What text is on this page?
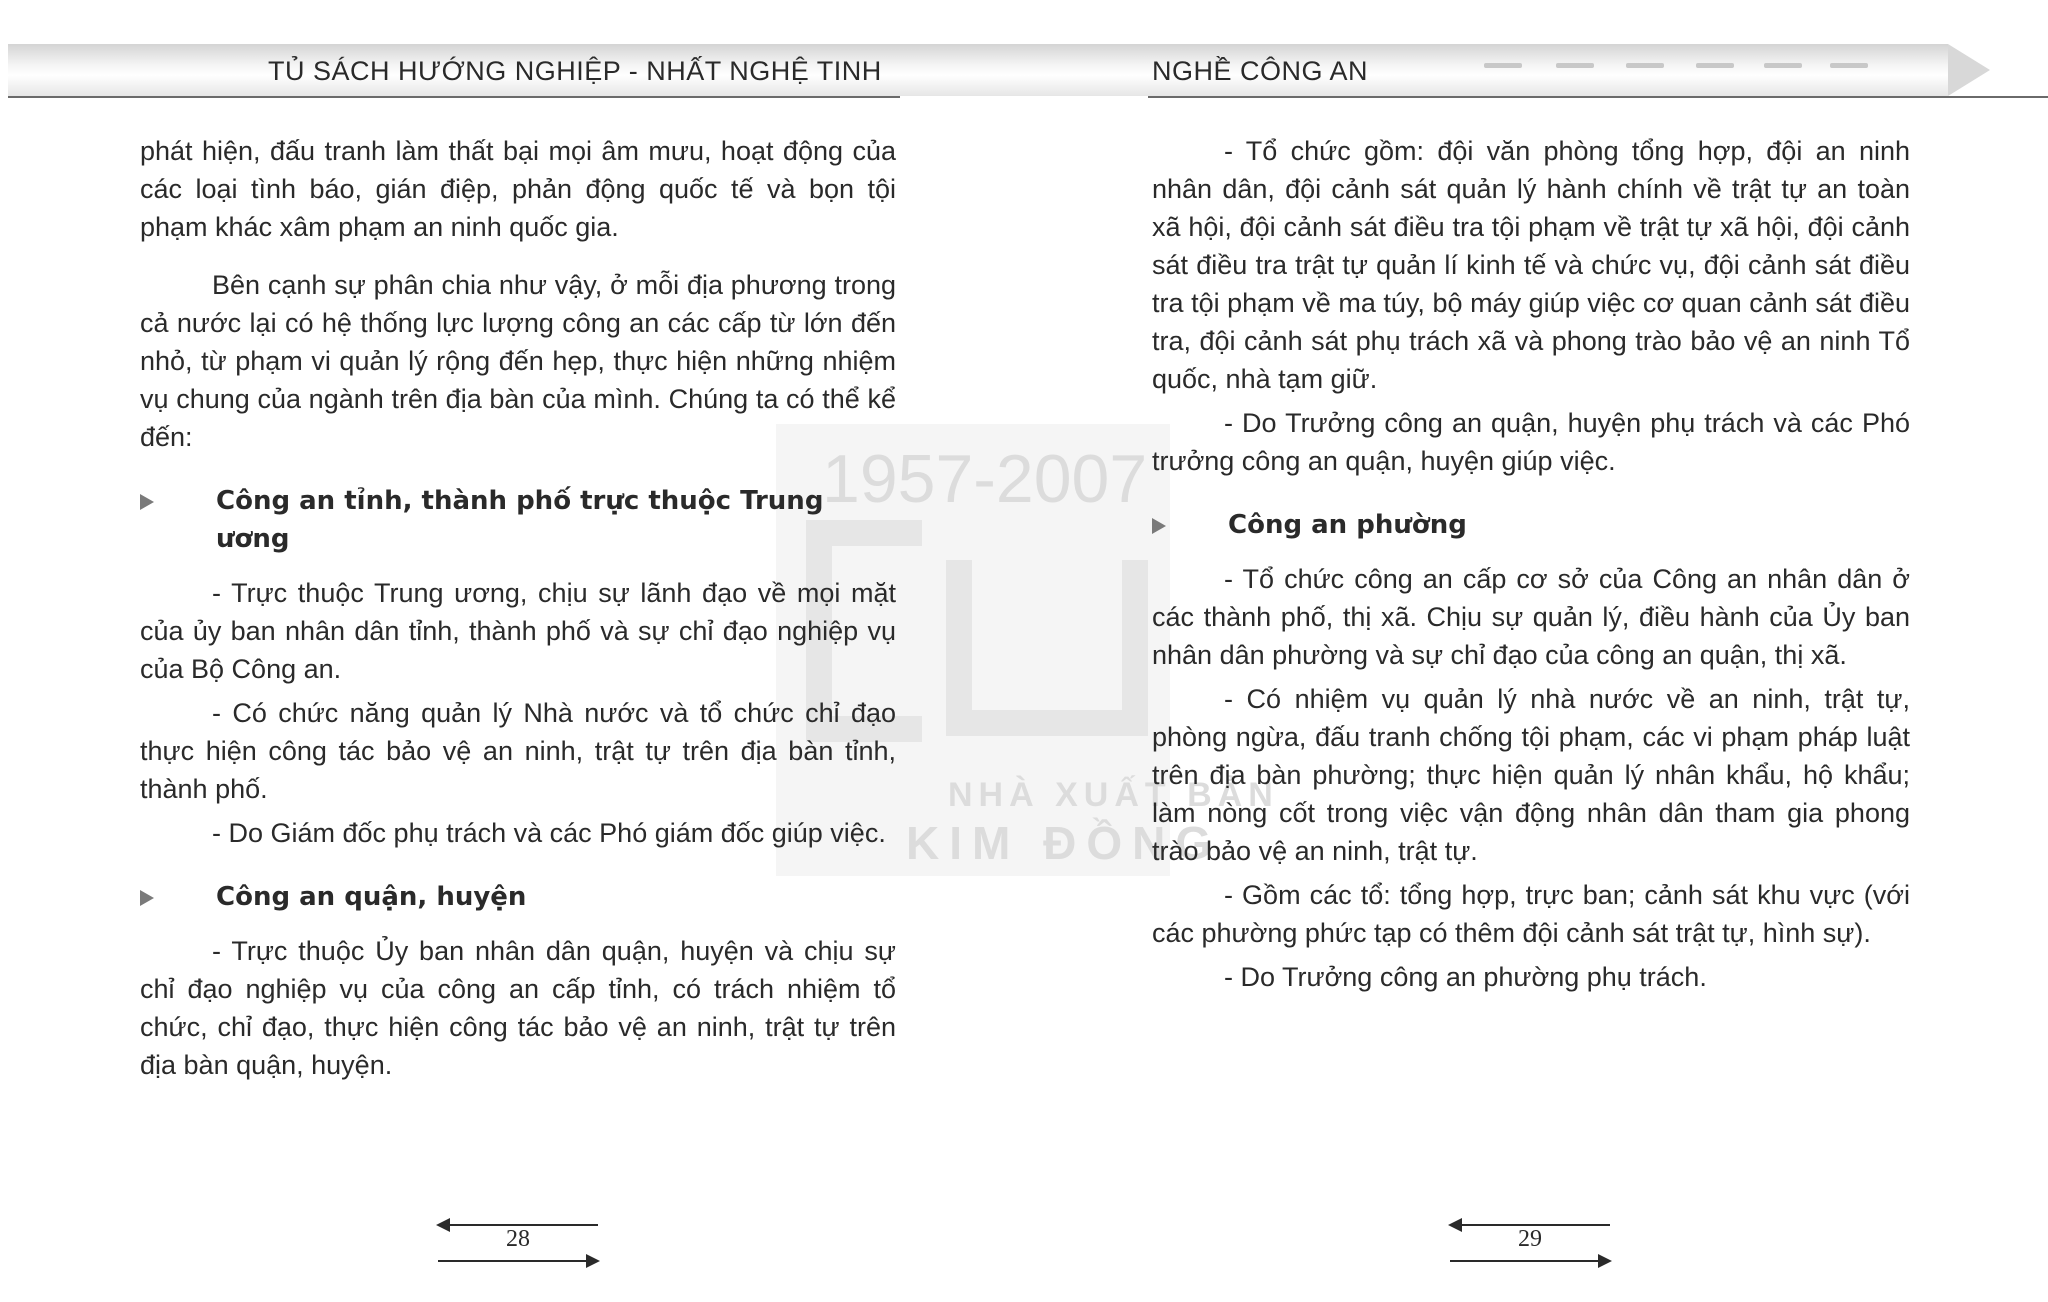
TỦ SÁCH HƯỚNG NGHIỆP - NHẤT NGHỆ TINH	NGHỀ CÔNG AN
1957-2007
NHÀ XUẤT BẢN
KIM ĐỒNG

phát hiện, đấu tranh làm thất bại mọi âm mưu, hoạt động của các loại tình báo, gián điệp, phản động quốc tế và bọn tội phạm khác xâm phạm an ninh quốc gia.

Bên cạnh sự phân chia như vậy, ở mỗi địa phương trong cả nước lại có hệ thống lực lượng công an các cấp từ lớn đến nhỏ, từ phạm vi quản lý rộng đến hẹp, thực hiện những nhiệm vụ chung của ngành trên địa bàn của mình. Chúng ta có thể kể đến:

Công an tỉnh, thành phố trực thuộc Trung ương

- Trực thuộc Trung ương, chịu sự lãnh đạo về mọi mặt của ủy ban nhân dân tỉnh, thành phố và sự chỉ đạo nghiệp vụ của Bộ Công an.

- Có chức năng quản lý Nhà nước và tổ chức chỉ đạo thực hiện công tác bảo vệ an ninh, trật tự trên địa bàn tỉnh, thành phố.

- Do Giám đốc phụ trách và các Phó giám đốc giúp việc.

Công an quận, huyện

- Trực thuộc Ủy ban nhân dân quận, huyện và chịu sự chỉ đạo nghiệp vụ của công an cấp tỉnh, có trách nhiệm tổ chức, chỉ đạo, thực hiện công tác bảo vệ an ninh, trật tự trên địa bàn quận, huyện.

- Tổ chức gồm: đội văn phòng tổng hợp, đội an ninh nhân dân, đội cảnh sát quản lý hành chính về trật tự an toàn xã hội, đội cảnh sát điều tra tội phạm về trật tự xã hội, đội cảnh sát điều tra trật tự quản lí kinh tế và chức vụ, đội cảnh sát điều tra tội phạm về ma túy, bộ máy giúp việc cơ quan cảnh sát điều tra, đội cảnh sát phụ trách xã và phong trào bảo vệ an ninh Tổ quốc, nhà tạm giữ.

- Do Trưởng công an quận, huyện phụ trách và các Phó trưởng công an quận, huyện giúp việc.

Công an phường

- Tổ chức công an cấp cơ sở của Công an nhân dân ở các thành phố, thị xã. Chịu sự quản lý, điều hành của Ủy ban nhân dân phường và sự chỉ đạo của công an quận, thị xã.

- Có nhiệm vụ quản lý nhà nước về an ninh, trật tự, phòng ngừa, đấu tranh chống tội phạm, các vi phạm pháp luật trên địa bàn phường; thực hiện quản lý nhân khẩu, hộ khẩu; làm nòng cốt trong việc vận động nhân dân tham gia phong trào bảo vệ an ninh, trật tự.

- Gồm các tổ: tổng hợp, trực ban; cảnh sát khu vực (với các phường phức tạp có thêm đội cảnh sát trật tự, hình sự).

- Do Trưởng công an phường phụ trách.

28	29
